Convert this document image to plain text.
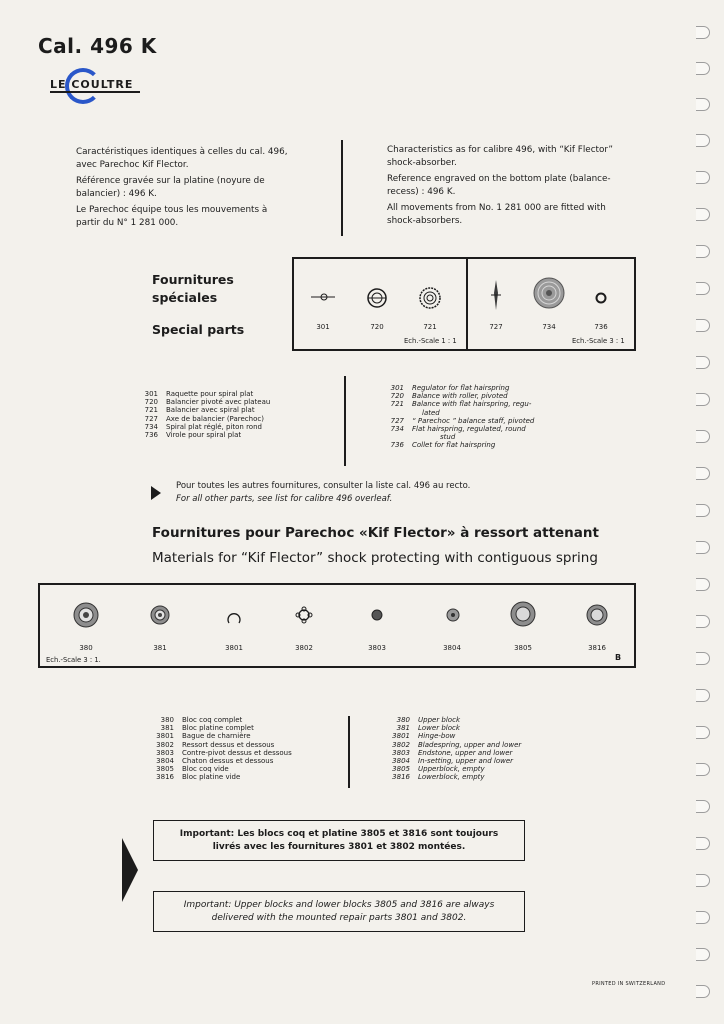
Cal. 496 K
LE COULTRE

Caractéristiques identiques à celles du cal. 496, avec Parechoc Kif Flector.

Référence gravée sur la platine (noyure de balancier) : 496 K.

Le Parechoc équipe tous les mouvements à partir du N° 1 281 000.

Characteristics as for calibre 496, with “Kif Flector” shock-absorber.

Reference engraved on the bottom plate (balance-recess) : 496 K.

All movements from No. 1 281 000 are fitted with shock-absorbers.

Fournitures
spéciales
Special parts	301	720	721	727	734	736
Ech.-Scale 1 : 1	Ech.-Scale 3 : 1
301	Raquette pour spiral plat
720	Balancier pivoté avec plateau
721	Balancier avec spiral plat
727	Axe de balancier (Parechoc)
734	Spiral plat réglé, piton rond
736	Virole pour spiral plat
301	Regulator for flat hairspring
720	Balance with roller, pivoted
721	Balance with flat hairspring, regu-
lated
727	“ Parechoc ” balance staff, pivoted
734	Flat hairspring, regulated, round
stud
736	Collet for flat hairspring
Pour toutes les autres fournitures, consulter la liste cal. 496 au recto.
For all other parts, see list for calibre 496 overleaf.
Fournitures pour Parechoc «Kif Flector» à ressort attenant
Materials for “Kif Flector” shock protecting with contiguous spring
380	381	3801	3802	3803	3804	3805	3816
Ech.-Scale 3 : 1.	B
380	Bloc coq complet
381	Bloc platine complet
3801	Bague de charnière
3802	Ressort dessus et dessous
3803	Contre-pivot dessus et dessous
3804	Chaton dessus et dessous
3805	Bloc coq vide
3816	Bloc platine vide
380	Upper block
381	Lower block
3801	Hinge-bow
3802	Bladespring, upper and lower
3803	Endstone, upper and lower
3804	In-setting, upper and lower
3805	Upperblock, empty
3816	Lowerblock, empty
Important: Les blocs coq et platine 3805 et 3816 sont toujours
livrés avec les fournitures 3801 et 3802 montées.
Important: Upper blocks and lower blocks 3805 and 3816 are always
delivered with the mounted repair parts 3801 and 3802.
PRINTED IN SWITZERLAND
